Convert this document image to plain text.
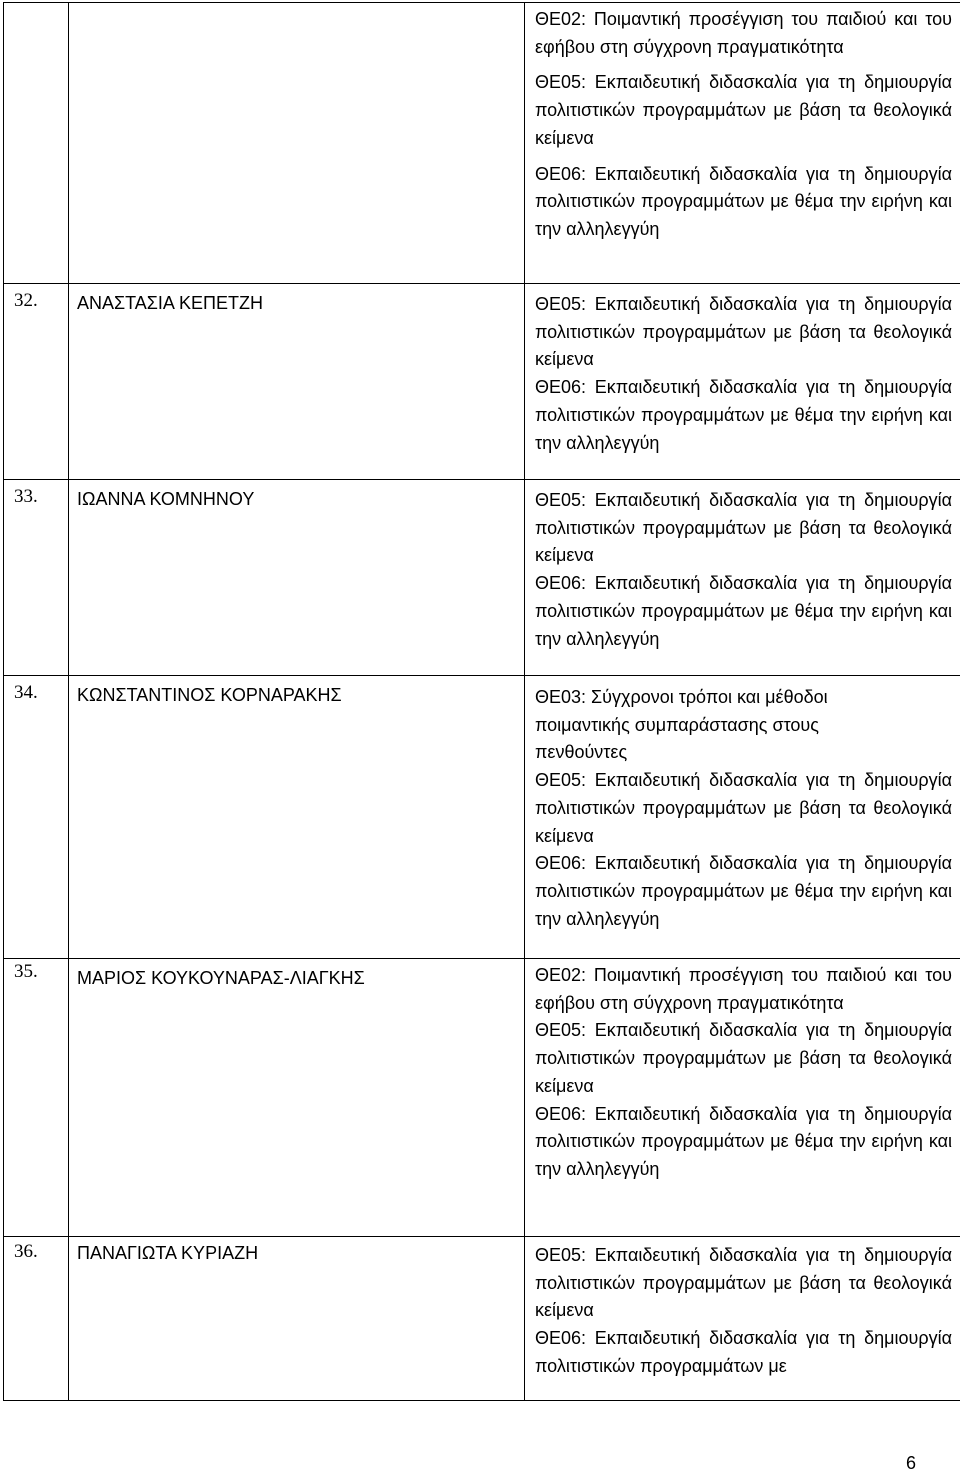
		ΘΕ02: Ποιμαντική προσέγγιση του παιδιού και του εφήβου στη σύγχρονη πραγματικότητα
ΘΕ05: Εκπαιδευτική διδασκαλία για τη δημιουργία πολιτιστικών προγραμμάτων με βάση τα θεολογικά κείμενα
ΘΕ06: Εκπαιδευτική διδασκαλία για τη δημιουργία πολιτιστικών προγραμμάτων με θέμα την ειρήνη και την αλληλεγγύη

32.	ΑΝΑΣΤΑΣΙΑ ΚΕΠΕΤΖΗ	ΘΕ05: Εκπαιδευτική διδασκαλία για τη δημιουργία πολιτιστικών προγραμμάτων με βάση τα θεολογικά κείμενα
ΘΕ06: Εκπαιδευτική διδασκαλία για τη δημιουργία πολιτιστικών προγραμμάτων με θέμα την ειρήνη και την αλληλεγγύη

33.	ΙΩΑΝΝΑ ΚΟΜΝΗΝΟΥ	ΘΕ05: Εκπαιδευτική διδασκαλία για τη δημιουργία πολιτιστικών προγραμμάτων με βάση τα θεολογικά κείμενα
ΘΕ06: Εκπαιδευτική διδασκαλία για τη δημιουργία πολιτιστικών προγραμμάτων με θέμα την ειρήνη και την αλληλεγγύη

34.	ΚΩΝΣΤΑΝΤΙΝΟΣ ΚΟΡΝΑΡΑΚΗΣ	ΘΕ03: Σύγχρονοι τρόποι και μέθοδοι ποιμαντικής συμπαράστασης στους πενθούντες
ΘΕ05: Εκπαιδευτική διδασκαλία για τη δημιουργία πολιτιστικών προγραμμάτων με βάση τα θεολογικά κείμενα
ΘΕ06: Εκπαιδευτική διδασκαλία για τη δημιουργία πολιτιστικών προγραμμάτων με θέμα την ειρήνη και την αλληλεγγύη

35.	ΜΑΡΙΟΣ ΚΟΥΚΟΥΝΑΡΑΣ-ΛΙΑΓΚΗΣ	ΘΕ02: Ποιμαντική προσέγγιση του παιδιού και του εφήβου στη σύγχρονη πραγματικότητα
ΘΕ05: Εκπαιδευτική διδασκαλία για τη δημιουργία πολιτιστικών προγραμμάτων με βάση τα θεολογικά κείμενα
ΘΕ06: Εκπαιδευτική διδασκαλία για τη δημιουργία πολιτιστικών προγραμμάτων με θέμα την ειρήνη και την αλληλεγγύη

36.	ΠΑΝΑΓΙΩΤΑ ΚΥΡΙΑΖΗ	ΘΕ05: Εκπαιδευτική διδασκαλία για τη δημιουργία πολιτιστικών προγραμμάτων με βάση τα θεολογικά κείμενα
ΘΕ06: Εκπαιδευτική διδασκαλία για τη δημιουργία πολιτιστικών προγραμμάτων με
6
